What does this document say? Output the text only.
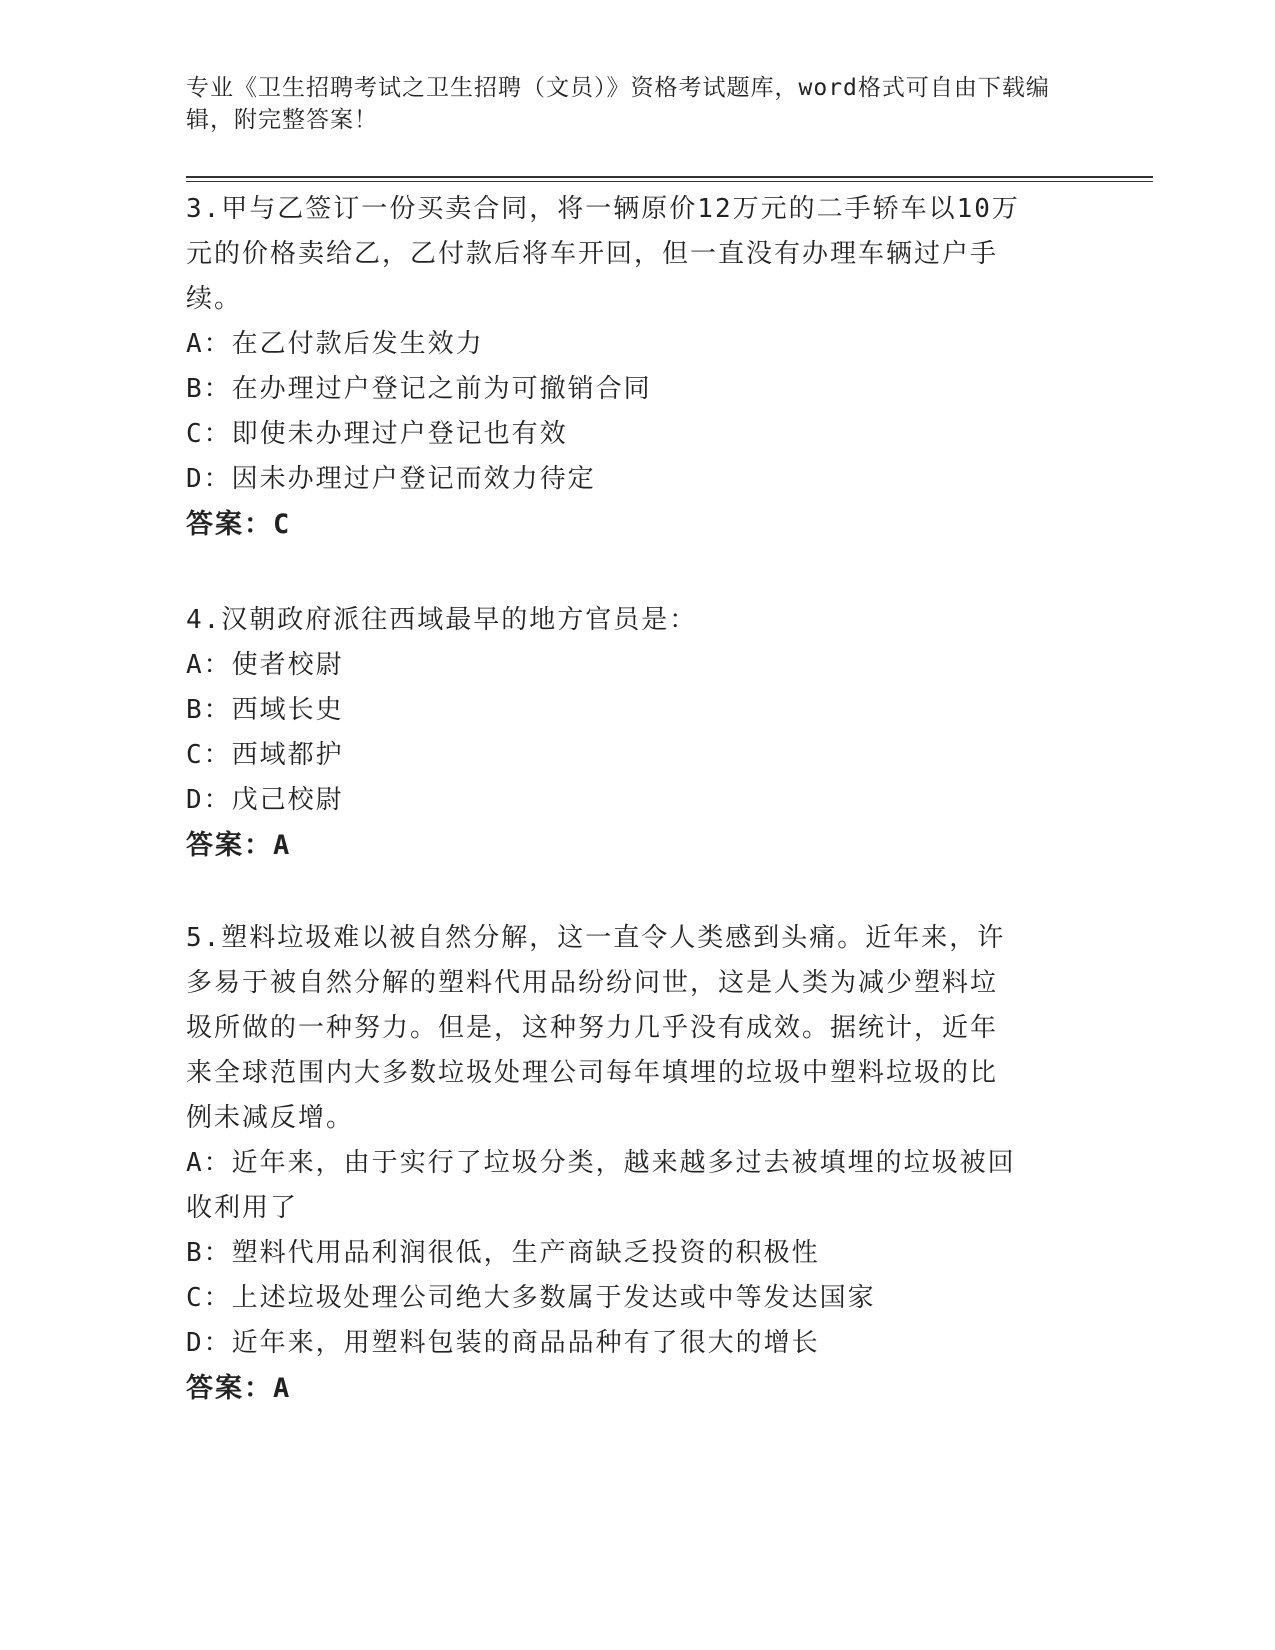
专业《卫生招聘考试之卫生招聘（文员）》资格考试题库，word格式可自由下载编辑，附完整答案！
3.甲与乙签订一份买卖合同，将一辆原价12万元的二手轿车以10万元的价格卖给乙，乙付款后将车开回，但一直没有办理车辆过户手续。
A：在乙付款后发生效力
B：在办理过户登记之前为可撤销合同
C：即使未办理过户登记也有效
D：因未办理过户登记而效力待定
答案：C
4.汉朝政府派往西域最早的地方官员是：
A：使者校尉
B：西域长史
C：西域都护
D：戊己校尉
答案：A
5.塑料垃圾难以被自然分解，这一直令人类感到头痛。近年来，许多易于被自然分解的塑料代用品纷纷问世，这是人类为减少塑料垃圾所做的一种努力。但是，这种努力几乎没有成效。据统计，近年来全球范围内大多数垃圾处理公司每年填埋的垃圾中塑料垃圾的比例未减反增。
A：近年来，由于实行了垃圾分类，越来越多过去被填埋的垃圾被回收利用了
B：塑料代用品利润很低，生产商缺乏投资的积极性
C：上述垃圾处理公司绝大多数属于发达或中等发达国家
D：近年来，用塑料包装的商品品种有了很大的增长
答案：A
